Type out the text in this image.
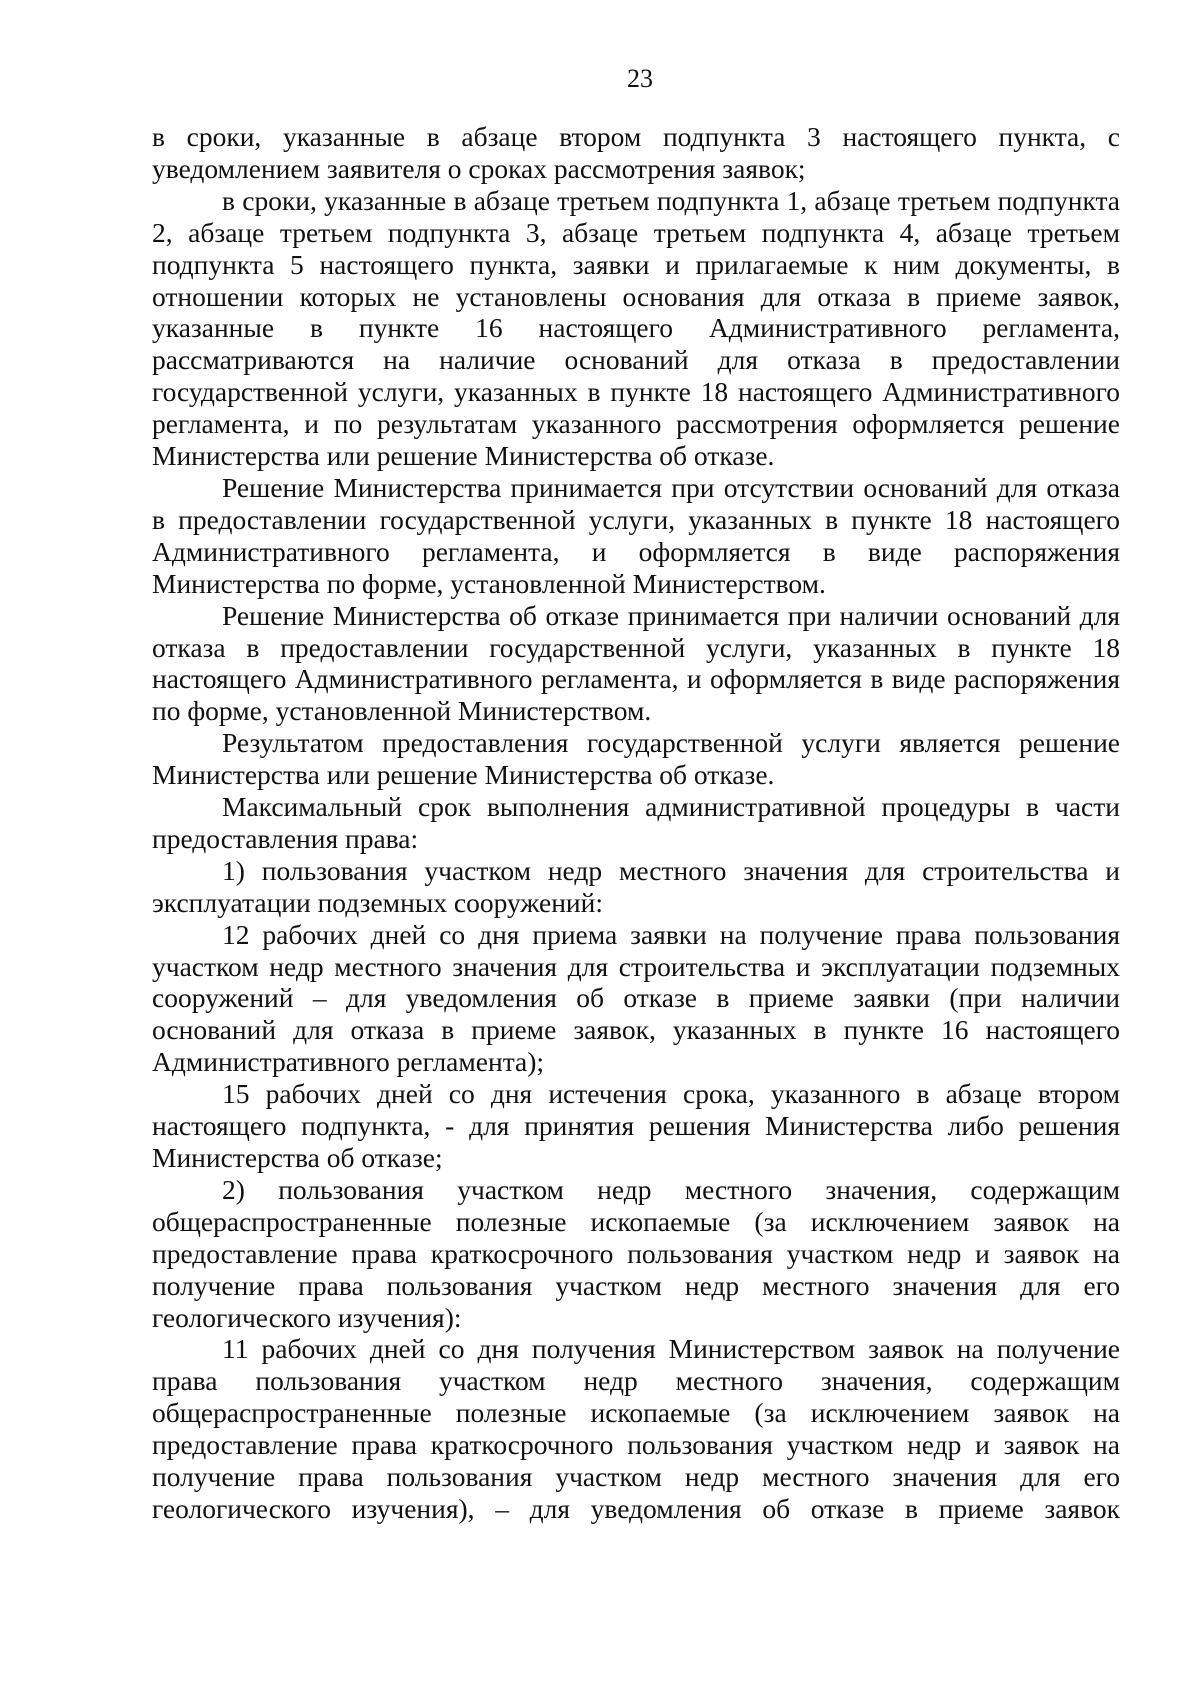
23

в сроки, указанные в абзаце втором подпункта 3 настоящего пункта, с уведомлением заявителя о сроках рассмотрения заявок;

в сроки, указанные в абзаце третьем подпункта 1, абзаце третьем подпункта 2, абзаце третьем подпункта 3, абзаце третьем подпункта 4, абзаце третьем подпункта 5 настоящего пункта, заявки и прилагаемые к ним документы, в отношении которых не установлены основания для отказа в приеме заявок, указанные в пункте 16 настоящего Административного регламента, рассматриваются на наличие оснований для отказа в предоставлении государственной услуги, указанных в пункте 18 настоящего Административного регламента, и по результатам указанного рассмотрения оформляется решение Министерства или решение Министерства об отказе.

Решение Министерства принимается при отсутствии оснований для отказа в предоставлении государственной услуги, указанных в пункте 18 настоящего Административного регламента, и оформляется в виде распоряжения Министерства по форме, установленной Министерством.

Решение Министерства об отказе принимается при наличии оснований для отказа в предоставлении государственной услуги, указанных в пункте 18 настоящего Административного регламента, и оформляется в виде распоряжения по форме, установленной Министерством.

Результатом предоставления государственной услуги является решение Министерства или решение Министерства об отказе.

Максимальный срок выполнения административной процедуры в части предоставления права:

1) пользования участком недр местного значения для строительства и эксплуатации подземных сооружений:

12 рабочих дней со дня приема заявки на получение права пользования участком недр местного значения для строительства и эксплуатации подземных сооружений – для уведомления об отказе в приеме заявки (при наличии оснований для отказа в приеме заявок, указанных в пункте 16 настоящего Административного регламента);

15 рабочих дней со дня истечения срока, указанного в абзаце втором настоящего подпункта, - для принятия решения Министерства либо решения Министерства об отказе;

2) пользования участком недр местного значения, содержащим общераспространенные полезные ископаемые (за исключением заявок на предоставление права краткосрочного пользования участком недр и заявок на получение права пользования участком недр местного значения для его геологического изучения):

11 рабочих дней со дня получения Министерством заявок на получение права пользования участком недр местного значения, содержащим общераспространенные полезные ископаемые (за исключением заявок на предоставление права краткосрочного пользования участком недр и заявок на получение права пользования участком недр местного значения для его геологического изучения), – для уведомления об отказе в приеме заявок
